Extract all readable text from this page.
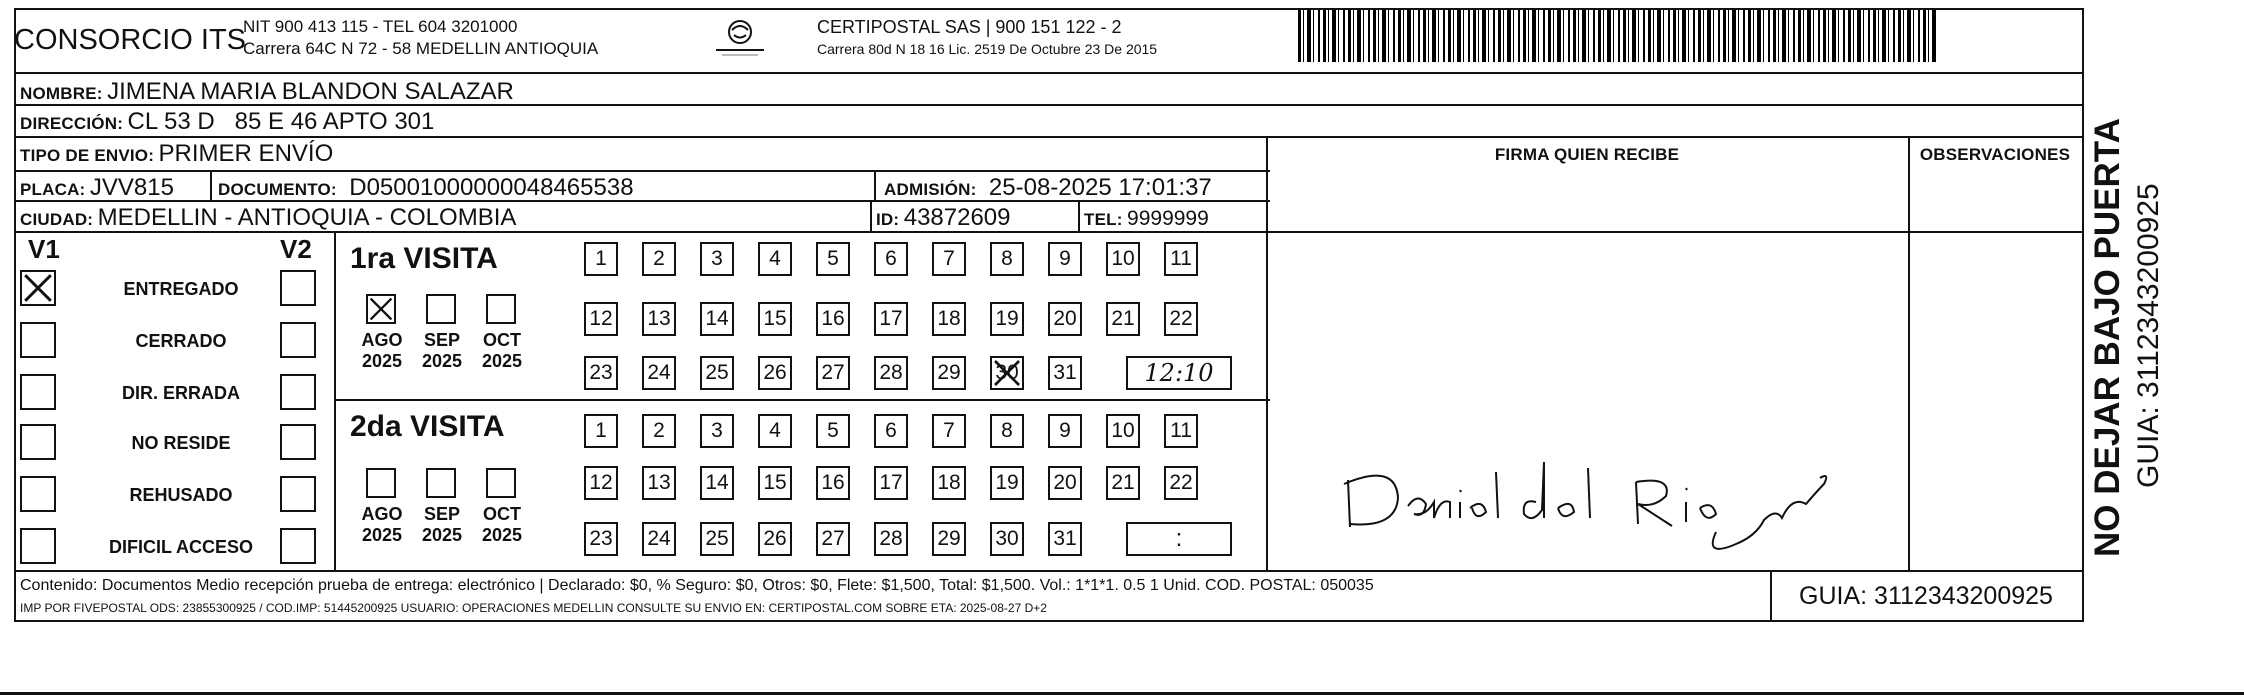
CONSORCIO ITS
NIT 900 413 115 - TEL 604 3201000
Carrera 64C N 72 - 58 MEDELLIN ANTIOQUIA
CERTIPOSTAL SAS | 900 151 122 - 2
Carrera 80d N 18 16 Lic. 2519 De Octubre 23 De 2015
NOMBRE: JIMENA MARIA BLANDON SALAZAR
DIRECCIÓN: CL 53 D   85 E 46 APTO 301
TIPO DE ENVIO: PRIMER ENVÍO
PLACA: JVV815	DOCUMENTO: D05001000000048465538	ADMISIÓN: 25-08-2025 17:01:37
CIUDAD: MEDELLIN - ANTIOQUIA - COLOMBIA	ID: 43872609	TEL: 9999999
FIRMA QUIEN RECIBE	OBSERVACIONES
V1	V2
ENTREGADO
CERRADO
DIR. ERRADA
NO RESIDE
REHUSADO
DIFICIL ACCESO
1ra VISITA
2da VISITA
AGO
2025
SEP
2025
OCT
2025
1 2 3 4 5 6 7 8 9 10 11
12 13 14 15 16 17 18 19 20 21 22
23 24 25 26 27 28 29 30 31	12:10
AGO
2025
SEP
2025
OCT
2025
1 2 3 4 5 6 7 8 9 10 11
12 13 14 15 16 17 18 19 20 21 22
23 24 25 26 27 28 29 30 31	:
Contenido: Documentos Medio recepción prueba de entrega: electrónico | Declarado: $0, % Seguro: $0, Otros: $0, Flete: $1,500, Total: $1,500. Vol.: 1*1*1. 0.5 1 Unid. COD. POSTAL: 050035
IMP POR FIVEPOSTAL ODS: 23855300925 / COD.IMP: 51445200925 USUARIO: OPERACIONES MEDELLIN CONSULTE SU ENVIO EN: CERTIPOSTAL.COM SOBRE ETA: 2025-08-27 D+2	GUIA: 3112343200925
NO DEJAR BAJO PUERTA GUIA: 3112343200925
